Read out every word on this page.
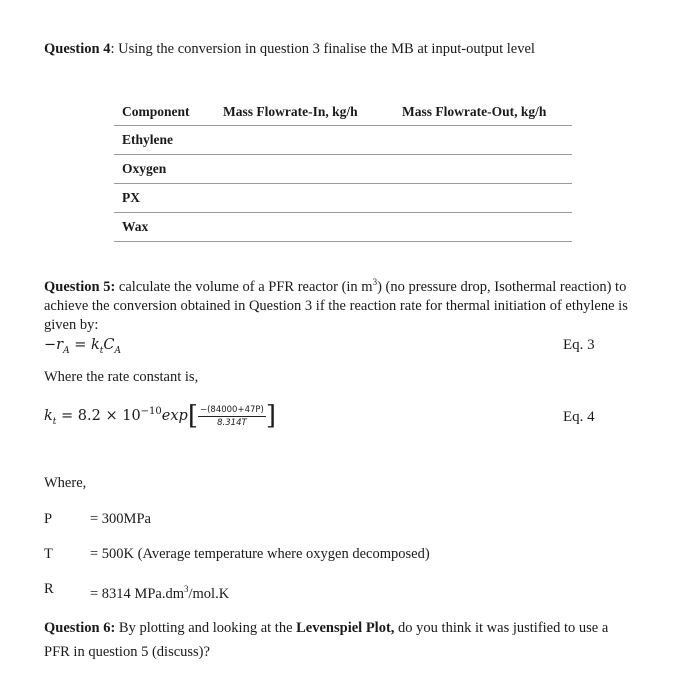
Question 4: Using the conversion in question 3 finalise the MB at input-output level
Component	Mass Flowrate-In, kg/h	Mass Flowrate-Out, kg/h
Ethylene		
Oxygen		
PX		
Wax		
Question 5: calculate the volume of a PFR reactor (in $m^3$) (no pressure drop, Isothermal reaction) to achieve the conversion obtained in Question 3 if the reaction rate for thermal initiation of ethylene is given by:
$-r_A = k_tC_A$	Eq. 3
Where the rate constant is,
$k_t = 8.2 \times 10^{-10}\exp[ \frac{-(84000+47P)}{8.314T}$ ]	Eq. 4
Where,
P	= 300MPa
T	= 500K (Average temperature where oxygen decomposed)
R	= 8314 $MPa.dm^3/mol.K$
Question 6: By plotting and looking at the Levenspiel Plot, do you think it was justified to use a PFR in question 5 (discuss)?
